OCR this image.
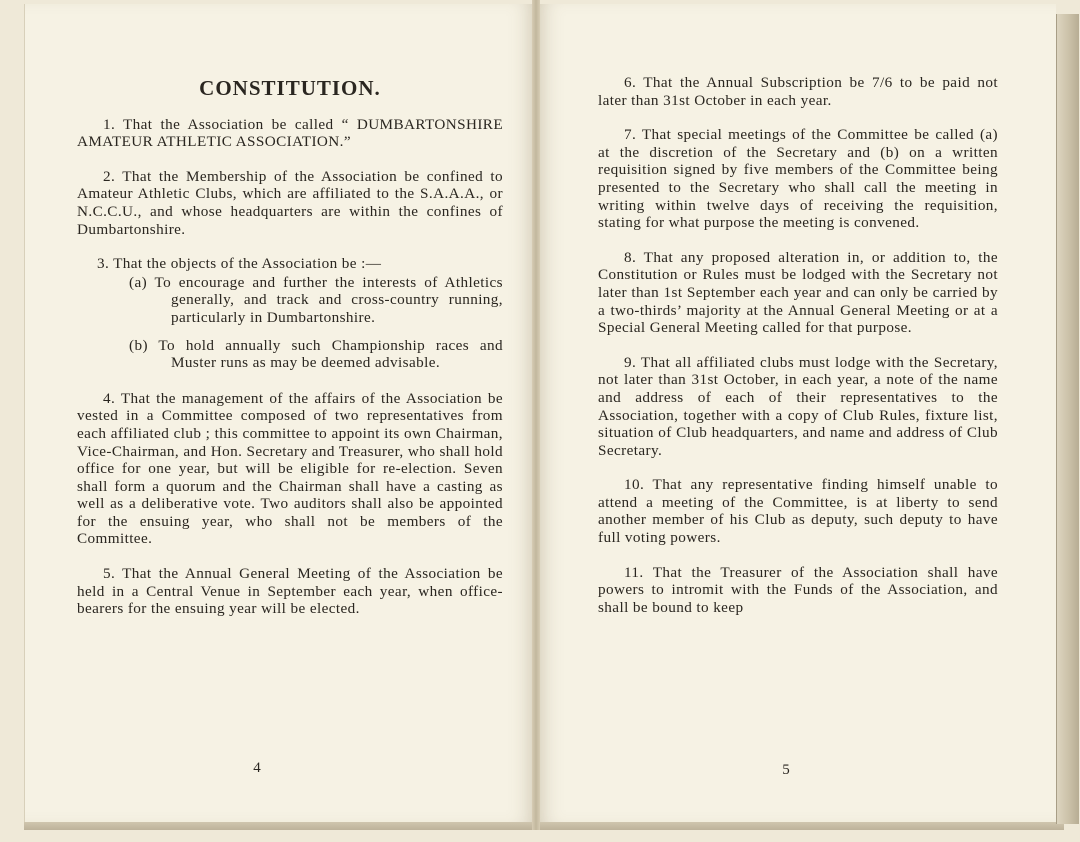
CONSTITUTION.

1. That the Association be called “ DUMBARTONSHIRE AMATEUR ATHLETIC ASSOCIATION.”

2. That the Membership of the Association be confined to Amateur Athletic Clubs, which are affiliated to the S.A.A.A., or N.C.C.U., and whose headquarters are within the confines of Dumbartonshire.

3. That the objects of the Association be :—

(a) To encourage and further the interests of Athletics generally, and track and cross-country running, particularly in Dumbartonshire.

(b) To hold annually such Championship races and Muster runs as may be deemed advisable.

4. That the management of the affairs of the Association be vested in a Committee composed of two representatives from each affiliated club ; this committee to appoint its own Chairman, Vice-Chairman, and Hon. Secretary and Treasurer, who shall hold office for one year, but will be eligible for re-election. Seven shall form a quorum and the Chairman shall have a casting as well as a deliberative vote. Two auditors shall also be appointed for the ensuing year, who shall not be members of the Committee.

5. That the Annual General Meeting of the Association be held in a Central Venue in September each year, when office-bearers for the ensuing year will be elected.

4

6. That the Annual Subscription be 7/6 to be paid not later than 31st October in each year.

7. That special meetings of the Committee be called (a) at the discretion of the Secretary and (b) on a written requisition signed by five members of the Committee being presented to the Secretary who shall call the meeting in writing within twelve days of receiving the requisition, stating for what purpose the meeting is convened.

8. That any proposed alteration in, or addition to, the Constitution or Rules must be lodged with the Secretary not later than 1st September each year and can only be carried by a two-thirds’ majority at the Annual General Meeting or at a Special General Meeting called for that purpose.

9. That all affiliated clubs must lodge with the Secretary, not later than 31st October, in each year, a note of the name and address of each of their representatives to the Association, together with a copy of Club Rules, fixture list, situation of Club headquarters, and name and address of Club Secretary.

10. That any representative finding himself unable to attend a meeting of the Committee, is at liberty to send another member of his Club as deputy, such deputy to have full voting powers.

11. That the Treasurer of the Association shall have powers to intromit with the Funds of the Association, and shall be bound to keep

5
